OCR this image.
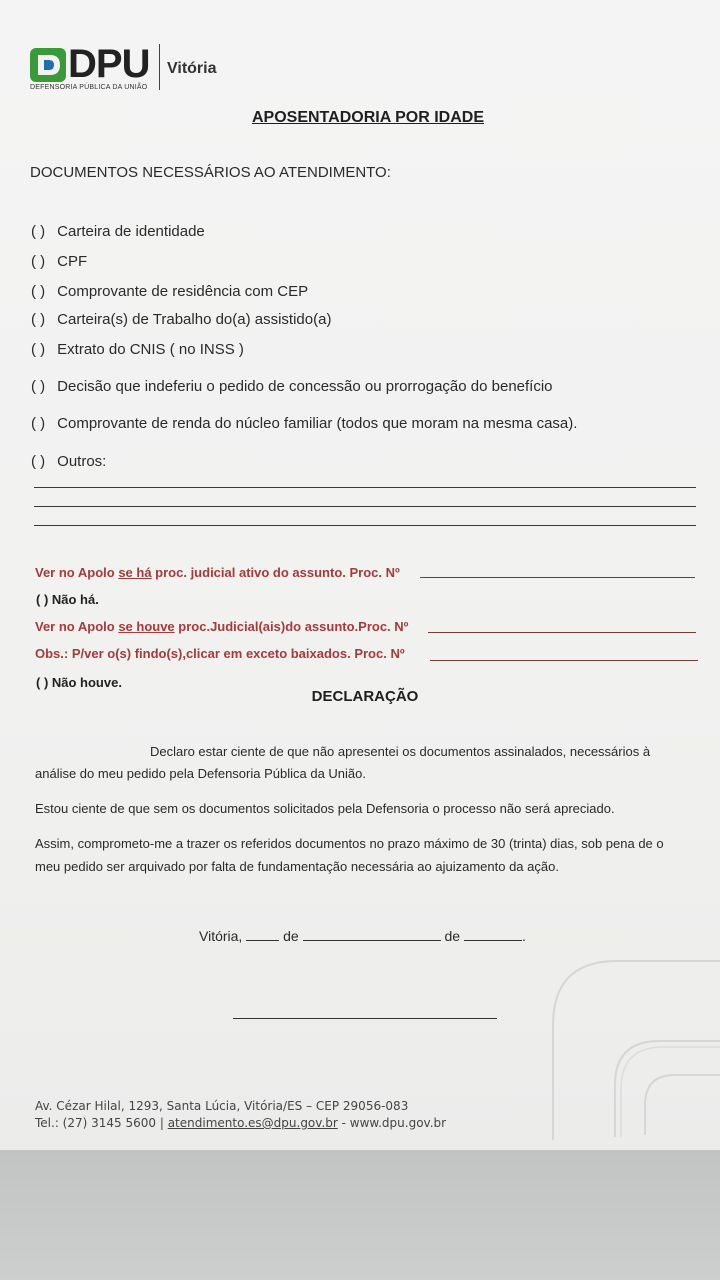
DPU
DEFENSORIA PÚBLICA DA UNIÃO
Vitória
APOSENTADORIA POR IDADE
DOCUMENTOS NECESSÁRIOS AO ATENDIMENTO:
( ) Carteira de identidade
( ) CPF
( ) Comprovante de residência com CEP
( ) Carteira(s) de Trabalho do(a) assistido(a)
( ) Extrato do CNIS ( no INSS )
( ) Decisão que indeferiu o pedido de concessão ou prorrogação do benefício
( ) Comprovante de renda do núcleo familiar (todos que moram na mesma casa).
( ) Outros:
Ver no Apolo se há proc. judicial ativo do assunto. Proc. Nº
( ) Não há.
Ver no Apolo se houve proc.Judicial(ais)do assunto.Proc. Nº
Obs.: P/ver o(s) findo(s),clicar em exceto baixados. Proc. Nº
( ) Não houve.
DECLARAÇÃO
Declaro estar ciente de que não apresentei os documentos assinalados, necessários à
análise do meu pedido pela Defensoria Pública da União.
Estou ciente de que sem os documentos solicitados pela Defensoria o processo não será apreciado.
Assim, comprometo-me a trazer os referidos documentos no prazo máximo de 30 (trinta) dias, sob pena de o
meu pedido ser arquivado por falta de fundamentação necessária ao ajuizamento da ação.
Vitória,	de	de	.
Av. Cézar Hilal, 1293, Santa Lúcia, Vitória/ES – CEP 29056-083
Tel.: (27) 3145 5600 | atendimento.es@dpu.gov.br - www.dpu.gov.br
